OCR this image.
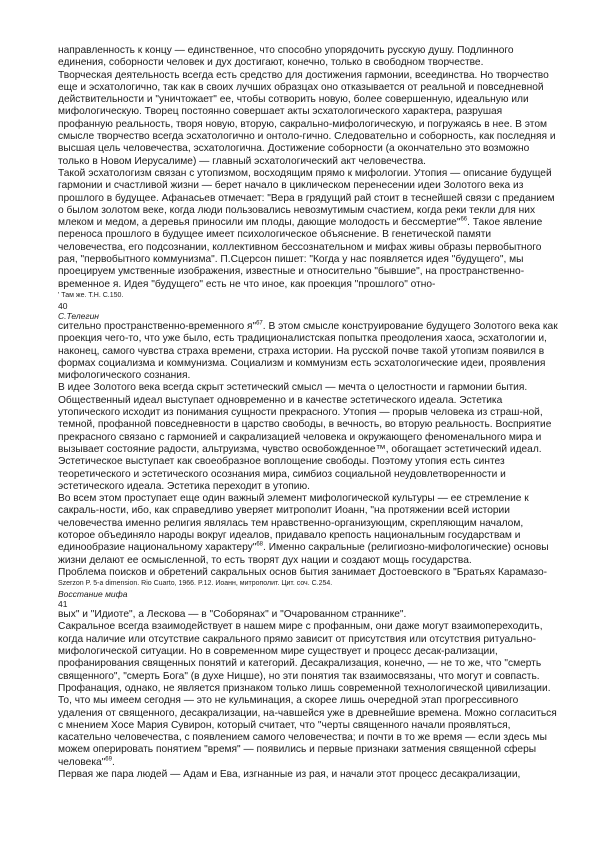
направленность к концу — единственное, что способно упорядочить русскую душу. Подлинного единения, соборности человек и дух достигают, конечно, только в свободном творчестве.

Творческая деятельность всегда есть средство для достижения гармонии, всеединства. Но творчество еще и эсхатологично, так как в своих лучших образцах оно отказывается от реальной и повседневной действительности и "уничтожает" ее, чтобы сотворить новую, более совершенную, идеальную или мифологическую. Творец постоянно совершает акты эсхатологического характера, разрушая профанную реальность, творя новую, вторую, сакрально-мифологическую, и погружаясь в нее. В этом смысле творчество всегда эсхатологично и онтоло-гично. Следовательно и соборность, как последняя и высшая цель человечества, эсхатологична. Достижение соборности (а окончательно это возможно только в Новом Иерусалиме) — главный эсхатологический акт человечества.

Такой эсхатологизм связан с утопизмом, восходящим прямо к мифологии. Утопия — описание будущей гармонии и счастливой жизни — берет начало в циклическом перенесении идеи Золотого века из прошлого в будущее. Афанасьев отмечает: "Вера в грядущий рай стоит в теснейшей связи с преданием о былом золотом веке, когда люди пользовались невозмутимым счастием, когда реки текли для них млеком и медом, а деревья приносили им плоды, дающие молодость и бессмертие"$^{66}$. Такое явление переноса прошлого в будущее имеет психологическое объяснение. В генетической памяти человечества, его подсознании, коллективном бессознательном и мифах живы образы первобытного рая, "первобытного коммунизма". П.Сцерсон пишет: "Когда у нас появляется идея "будущего", мы проецируем умственные изображения, известные и относительно "бывшие", на пространственно-временное я. Идея "будущего" есть не что иное, как проекция "прошлого" отно-

' Там же. Т.Н. С.150.

40

С.Телегин

сительно пространственно-временного я"$^{67}$. В этом смысле конструирование будущего Золотого века как проекция чего-то, что уже было, есть традиционалистская попытка преодоления хаоса, эсхатологии и, наконец, самого чувства страха времени, страха истории. На русской почве такой утопизм появился в формах социализма и коммунизма. Социализм и коммунизм есть эсхатологические идеи, проявления мифологического сознания.

В идее Золотого века всегда скрыт эстетический смысл — мечта о целостности и гармонии бытия. Общественный идеал выступает одновременно и в качестве эстетического идеала. Эстетика утопического исходит из понимания сущности прекрасного. Утопия — прорыв человека из страш-ной, темной, профанной повседневности в царство свободы, в вечность, во вторую реальность. Восприятие прекрасного связано с гармонией и сакрализацией человека и окружающего феноменального мира и вызывает состояние радости, альтруизма, чувство освобожденное™, обогащает эстетический идеал. Эстетическое выступает как своеобразное воплощение свободы. Поэтому утопия есть синтез теоретического и эстетического осознания мира, симбиоз социальной неудовлетворенности и эстетического идеала. Эстетика переходит в утопию.

Во всем этом проступает еще один важный элемент мифологической культуры — ее стремление к сакраль-ности, ибо, как справедливо уверяет митрополит Иоанн, "на протяжении всей истории человечества именно религия являлась тем нравственно-организующим, скрепляющим началом, которое объединяло народы вокруг идеалов, придавало крепость национальным государствам и единообразие национальному характеру"$^{68}$. Именно сакральные (религиозно-мифологические) основы жизни делают ее осмысленной, то есть творят дух нации и создают мощь государства.

Проблема поисков и обретений сакральных основ бытия занимает Достоевского в "Братьях Карамазо-

Szerzon P. 5-a dimension. Rio Cuarto, 1966. P.12. Иоанн, митрополит. Цит. соч. С.254.

Восстание мифа

41

вых" и "Идиоте", а Лескова — в "Соборянах" и "Очарованном страннике".

Сакральное всегда взаимодействует в нашем мире с профанным, они даже могут взаимопереходить, когда наличие или отсутствие сакрального прямо зависит от присутствия или отсутствия ритуально-мифологической ситуации. Но в современном мире существует и процесс десак-рализации, профанирования священных понятий и категорий. Десакрализация, конечно, — не то же, что "смерть священного", "смерть Бога" (в духе Ницше), но эти понятия так взаимосвязаны, что могут и совпасть. Профанация, однако, не является признаком только лишь современной технологической цивилизации. То, что мы имеем сегодня — это не кульминация, а скорее лишь очередной этап прогрессивного удаления от священного, десакрализации, на-чавшейся уже в древнейшие времена. Можно согласиться с мнением Хосе Мария Сувирон, который считает, что "черты священного начали проявляться, касательно человечества, с появлением самого человечества; и почти в то же время — если здесь мы можем оперировать понятием "время" — появились и первые признаки затмения священной сферы человека"$^{69}$.

Первая же пара людей — Адам и Ева, изгнанные из рая, и начали этот процесс десакрализации,
